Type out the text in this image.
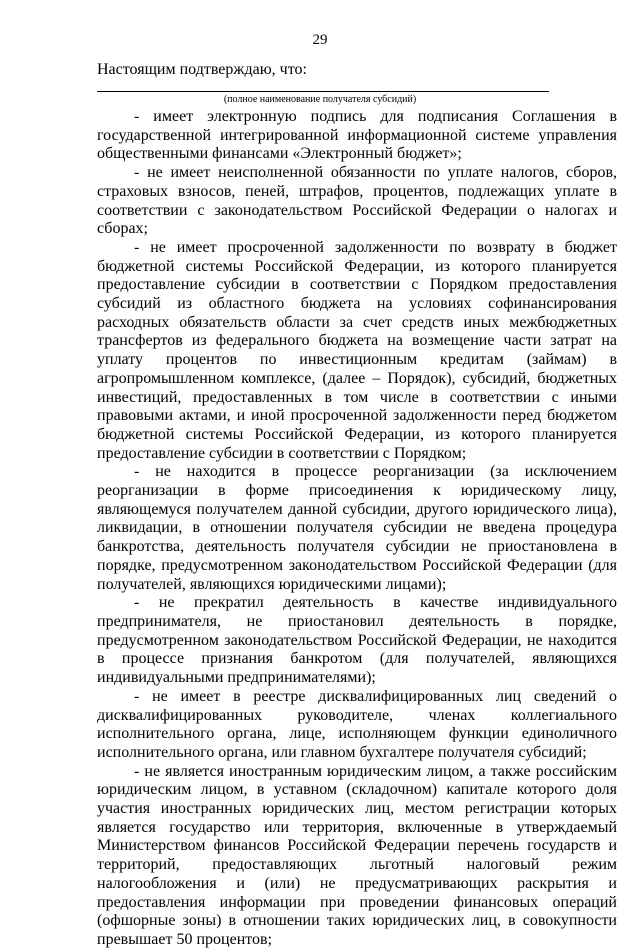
29
Настоящим подтверждаю, что:
(полное наименование получателя субсидий)

- имеет электронную подпись для подписания Соглашения в государственной интегрированной информационной системе управления общественными финансами «Электронный бюджет»;

- не имеет неисполненной обязанности по уплате налогов, сборов, страховых взносов, пеней, штрафов, процентов, подлежащих уплате в соответствии с законодательством Российской Федерации о налогах и сборах;

- не имеет просроченной задолженности по возврату в бюджет бюджетной системы Российской Федерации, из которого планируется предоставление субсидии в соответствии с Порядком предоставления субсидий из областного бюджета на условиях софинансирования расходных обязательств области за счет средств иных межбюджетных трансфертов из федерального бюджета на возмещение части затрат на уплату процентов по инвестиционным кредитам (займам) в агропромышленном комплексе, (далее – Порядок), субсидий, бюджетных инвестиций, предоставленных в том числе в соответствии с иными правовыми актами, и иной просроченной задолженности перед бюджетом бюджетной системы Российской Федерации, из которого планируется предоставление субсидии в соответствии с Порядком;

- не находится в процессе реорганизации (за исключением реорганизации в форме присоединения к юридическому лицу, являющемуся получателем данной субсидии, другого юридического лица), ликвидации, в отношении получателя субсидии не введена процедура банкротства, деятельность получателя субсидии не приостановлена в порядке, предусмотренном законодательством Российской Федерации (для получателей, являющихся юридическими лицами);

- не прекратил деятельность в качестве индивидуального предпринимателя, не приостановил деятельность в порядке, предусмотренном законодательством Российской Федерации, не находится в процессе признания банкротом (для получателей, являющихся индивидуальными предпринимателями);

- не имеет в реестре дисквалифицированных лиц сведений о дисквалифицированных руководителе, членах коллегиального исполнительного органа, лице, исполняющем функции единоличного исполнительного органа, или главном бухгалтере получателя субсидий;

- не является иностранным юридическим лицом, а также российским юридическим лицом, в уставном (складочном) капитале которого доля участия иностранных юридических лиц, местом регистрации которых является государство или территория, включенные в утверждаемый Министерством финансов Российской Федерации перечень государств и территорий, предоставляющих льготный налоговый режим налогообложения и (или) не предусматривающих раскрытия и предоставления информации при проведении финансовых операций (офшорные зоны) в отношении таких юридических лиц, в совокупности превышает 50 процентов;
